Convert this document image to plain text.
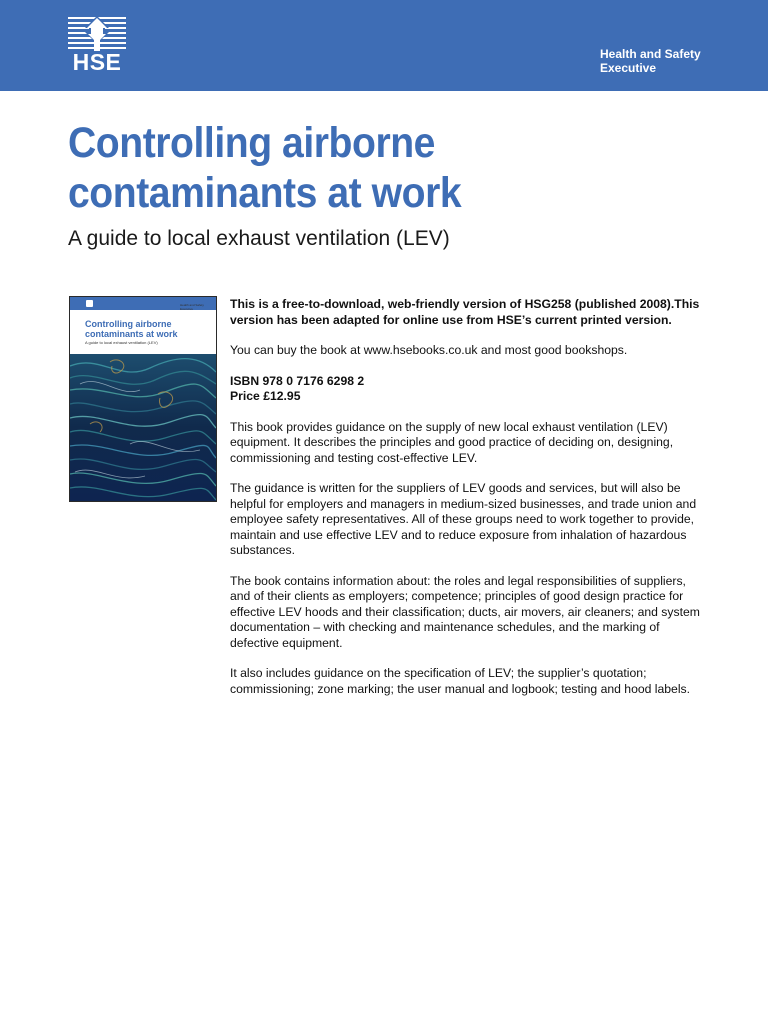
HSE	Health and Safety
Executive
Controlling airborne
contaminants at work
A guide to local exhaust ventilation (LEV)
Health and Safety Executive
Controlling airborne
contaminants at work
A guide to local exhaust ventilation (LEV)

This is a free-to-download, web-friendly version of HSG258 (published 2008).This version has been adapted for online use from HSE’s current printed version.

You can buy the book at www.hsebooks.co.uk and most good bookshops.

ISBN 978 0 7176 6298 2
Price £12.95

This book provides guidance on the supply of new local exhaust ventilation (LEV) equipment. It describes the principles and good practice of deciding on, designing, commissioning and testing cost-effective LEV.

The guidance is written for the suppliers of LEV goods and services, but will also be helpful for employers and managers in medium-sized businesses, and trade union and employee safety representatives. All of these groups need to work together to provide, maintain and use effective LEV and to reduce exposure from inhalation of hazardous substances.

The book contains information about: the roles and legal responsibilities of suppliers, and of their clients as employers; competence; principles of good design practice for effective LEV hoods and their classification; ducts, air movers, air cleaners; and system documentation – with checking and maintenance schedules, and the marking of defective equipment.

It also includes guidance on the specification of LEV; the supplier’s quotation; commissioning; zone marking; the user manual and logbook; testing and hood labels.
